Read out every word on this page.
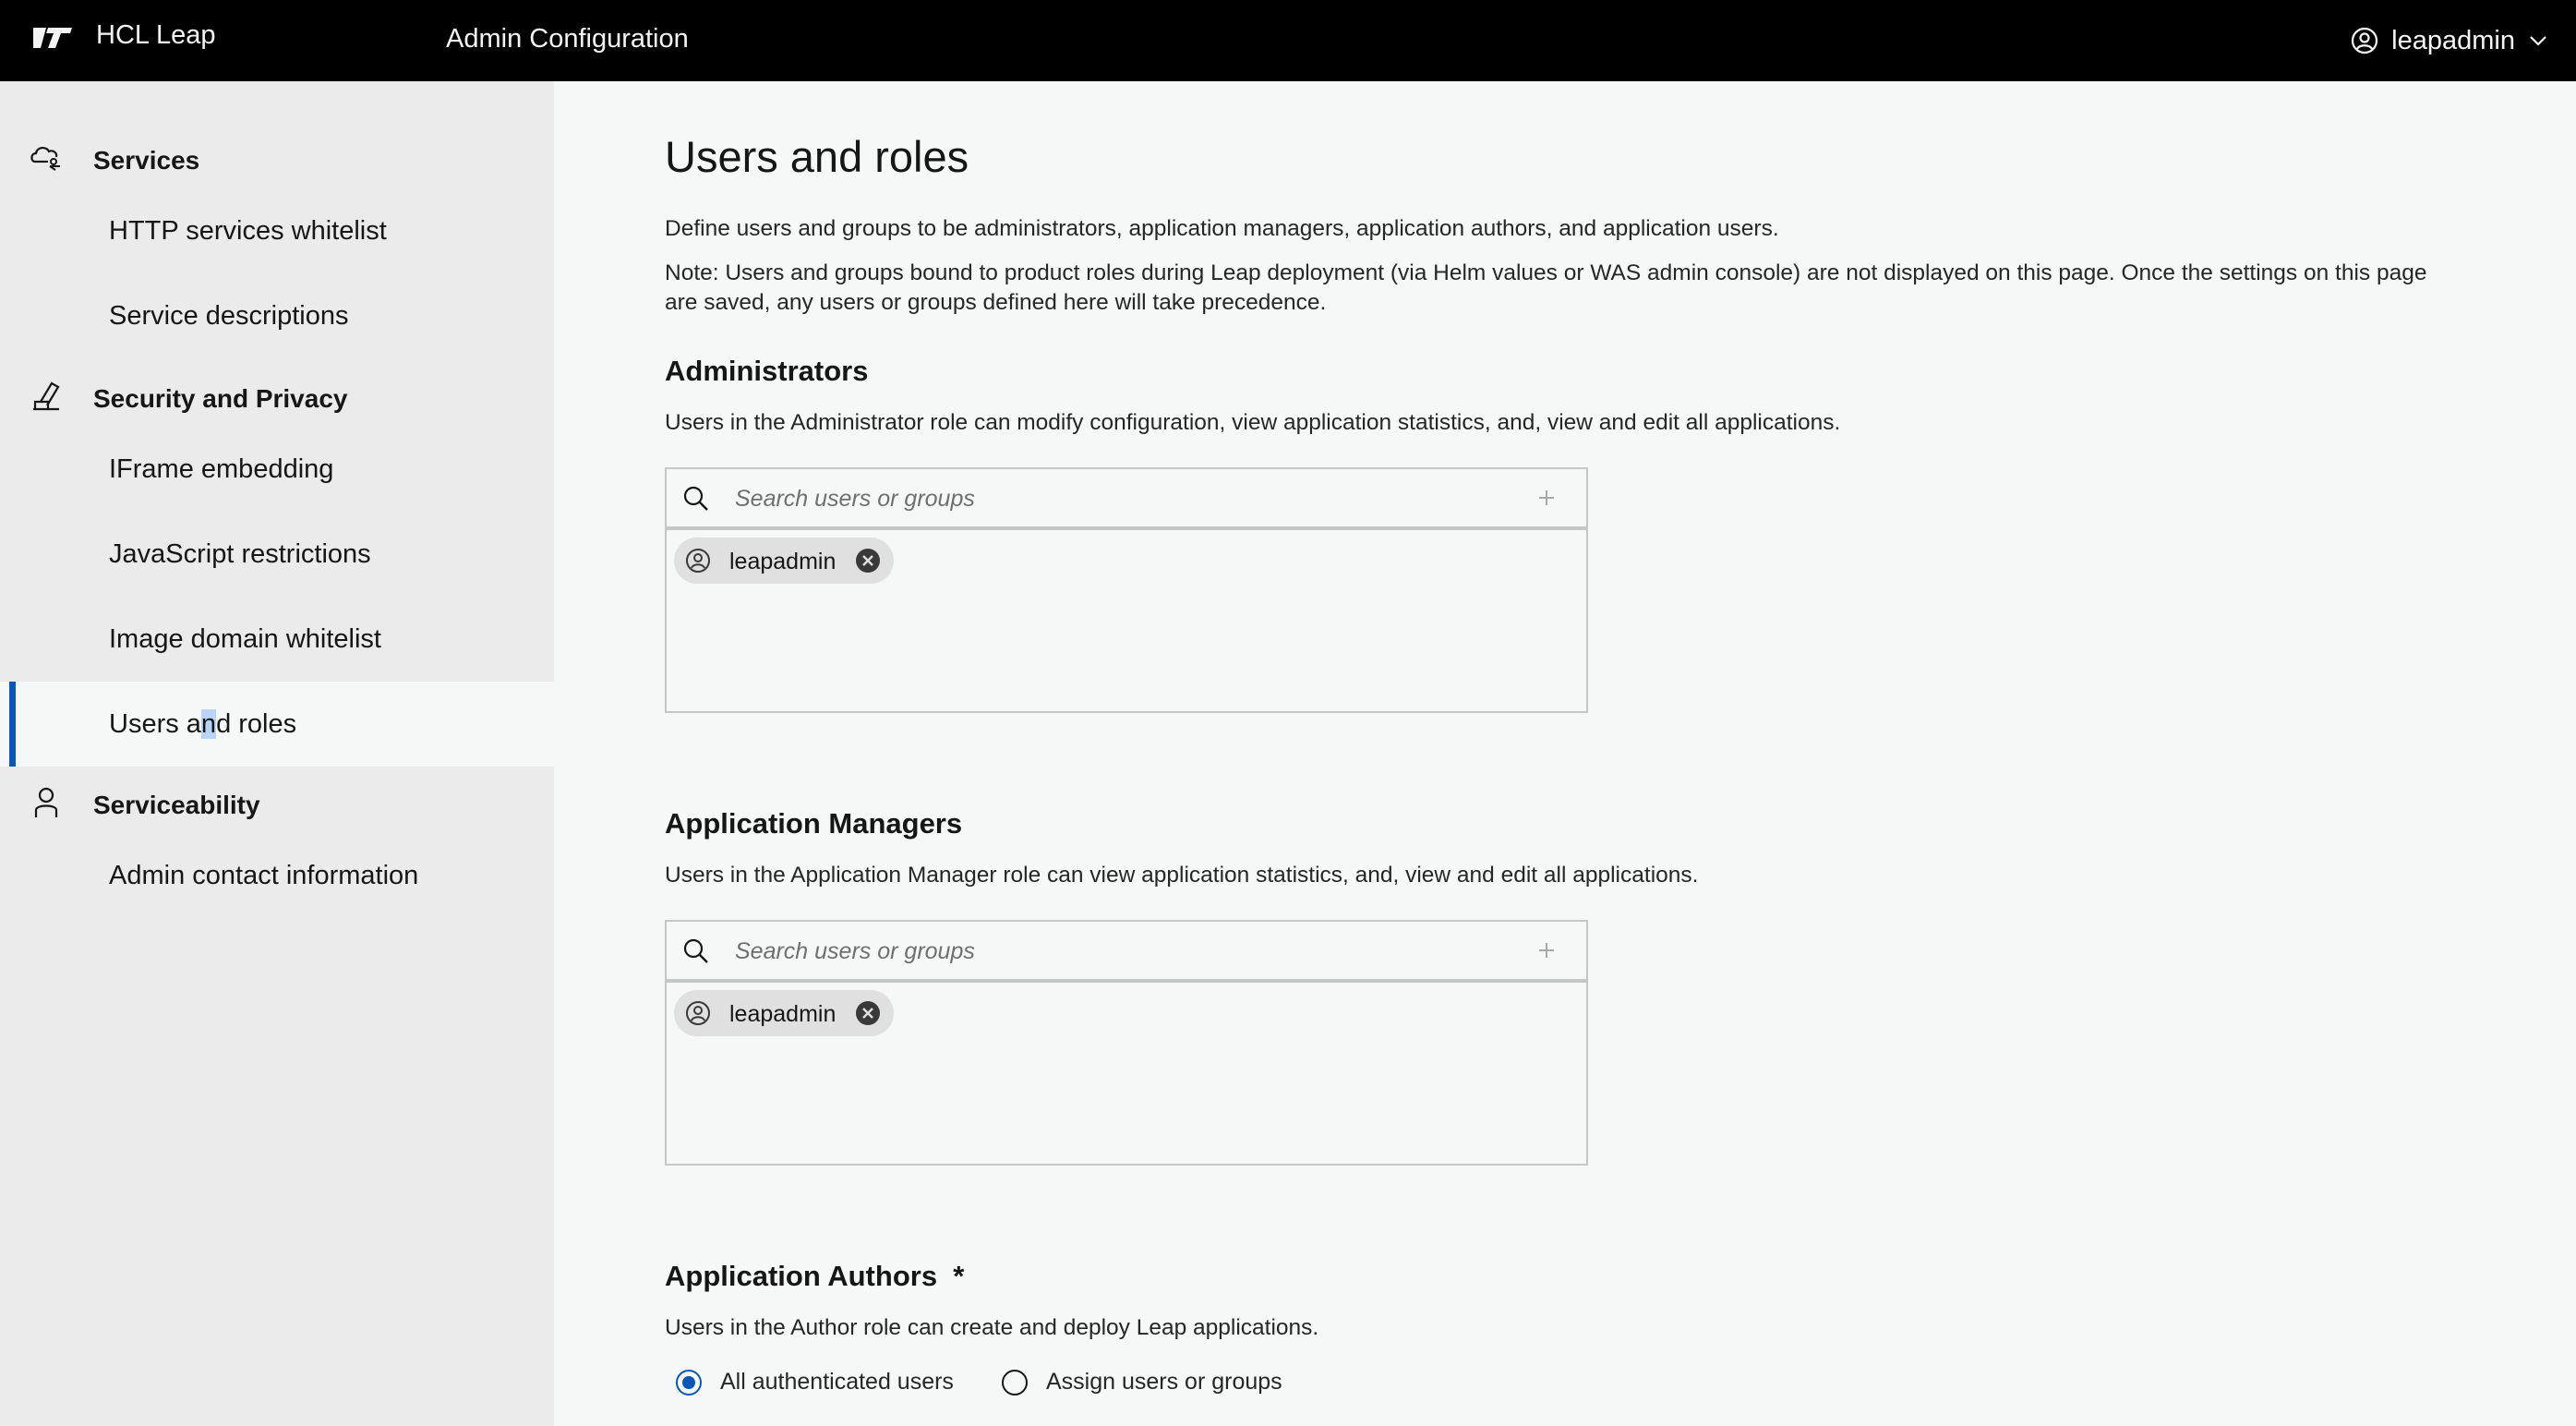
HCL Leap	Admin Configuration	leapadmin
Services
HTTP services whitelist
Service descriptions
Security and Privacy
IFrame embedding
JavaScript restrictions
Image domain whitelist
Users and roles
Serviceability
Admin contact information
Users and roles

Define users and groups to be administrators, application managers, application authors, and application users.

Note: Users and groups bound to product roles during Leap deployment (via Helm values or WAS admin console) are not displayed on this page. Once the settings on this page

are saved, any users or groups defined here will take precedence.

Administrators

Users in the Administrator role can modify configuration, view application statistics, and, view and edit all applications.

Search users or groups
leapadmin
Application Managers

Users in the Application Manager role can view application statistics, and, view and edit all applications.

Search users or groups
leapadmin
Application Authors *

Users in the Author role can create and deploy Leap applications.

All authenticated users	Assign users or groups
